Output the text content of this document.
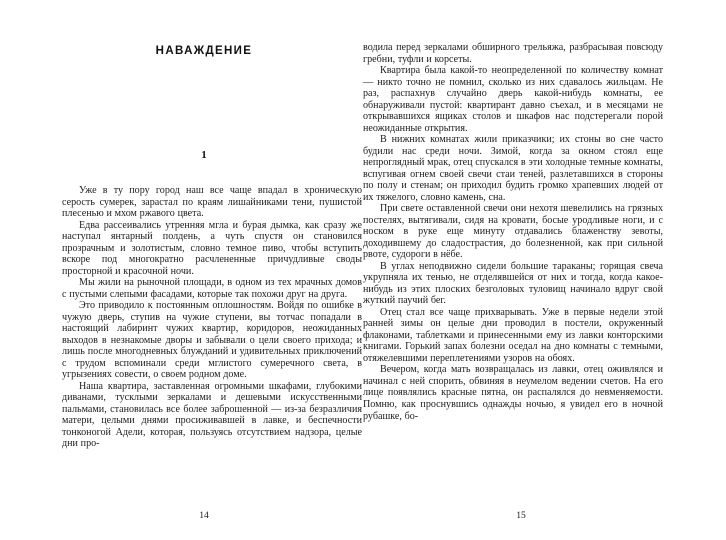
НАВАЖДЕНИЕ
1

Уже в ту пору город наш все чаще впадал в хроническую серость сумерек, зарастал по краям лишайниками тени, пушистой плесенью и мхом ржавого цвета.

Едва рассеивались утренняя мгла и бурая дымка, как сразу же наступал янтарный полдень, а чуть спустя он становился прозрачным и золотистым, словно темное пиво, чтобы вступить вскоре под многократно расчлененные причудливые своды просторной и красочной ночи.

Мы жили на рыночной площади, в одном из тех мрачных домов с пустыми слепыми фасадами, которые так похожи друг на друга.

Это приводило к постоянным оплошностям. Войдя по ошибке в чужую дверь, ступив на чужие ступени, вы тотчас попадали в настоящий лабиринт чужих квартир, коридоров, неожиданных выходов в незнакомые дворы и забывали о цели своего прихода; и лишь после многодневных блужданий и удивительных приключений с трудом вспоминали среди мглистого сумеречного света, в угрызениях совести, о своем родном доме.

Наша квартира, заставленная огромными шкафами, глубокими диванами, тусклыми зеркалами и дешевыми искусственными пальмами, становилась все более заброшенной — из-за безразличия матери, целыми днями просиживавшей в лавке, и беспечности тонконогой Адели, которая, пользуясь отсутствием надзора, целые дни про-

14

водила перед зеркалами обширного трельяжа, разбрасывая повсюду гребни, туфли и корсеты.

Квартира была какой-то неопределенной по количеству комнат — никто точно не помнил, сколько из них сдавалось жильцам. Не раз, распахнув случайно дверь какой-нибудь комнаты, ее обнаруживали пустой: квартирант давно съехал, и в месяцами не открывавшихся ящиках столов и шкафов нас подстерегали порой неожиданные открытия.

В нижних комнатах жили приказчики; их стоны во сне часто будили нас среди ночи. Зимой, когда за окном стоял еще непроглядный мрак, отец спускался в эти холодные темные комнаты, вспугивая огнем своей свечи стаи теней, разлетавшихся в стороны по полу и стенам; он приходил будить громко храпевших людей от их тяжелого, словно камень, сна.

При свете оставленной свечи они нехотя шевелились на грязных постелях, вытягивали, сидя на кровати, босые уродливые ноги, и с носком в руке еще минуту отдавались блаженству зевоты, доходившему до сладострастия, до болезненной, как при сильной рвоте, судороги в нёбе.

В углах неподвижно сидели большие тараканы; горящая свеча укрупняла их тенью, не отделявшейся от них и тогда, когда какое-нибудь из этих плоских безголовых туловищ начинало вдруг свой жуткий паучий бег.

Отец стал все чаще прихварывать. Уже в первые недели этой ранней зимы он целые дни проводил в постели, окруженный флаконами, таблетками и принесенными ему из лавки конторскими книгами. Горький запах болезни оседал на дно комнаты с темными, отяжелевшими переплетениями узоров на обоях.

Вечером, когда мать возвращалась из лавки, отец оживлялся и начинал с ней спорить, обвиняя в неумелом ведении счетов. На его лице появлялись красные пятна, он распалялся до невменяемости. Помню, как проснувшись однажды ночью, я увидел его в ночной рубашке, бо-

15
